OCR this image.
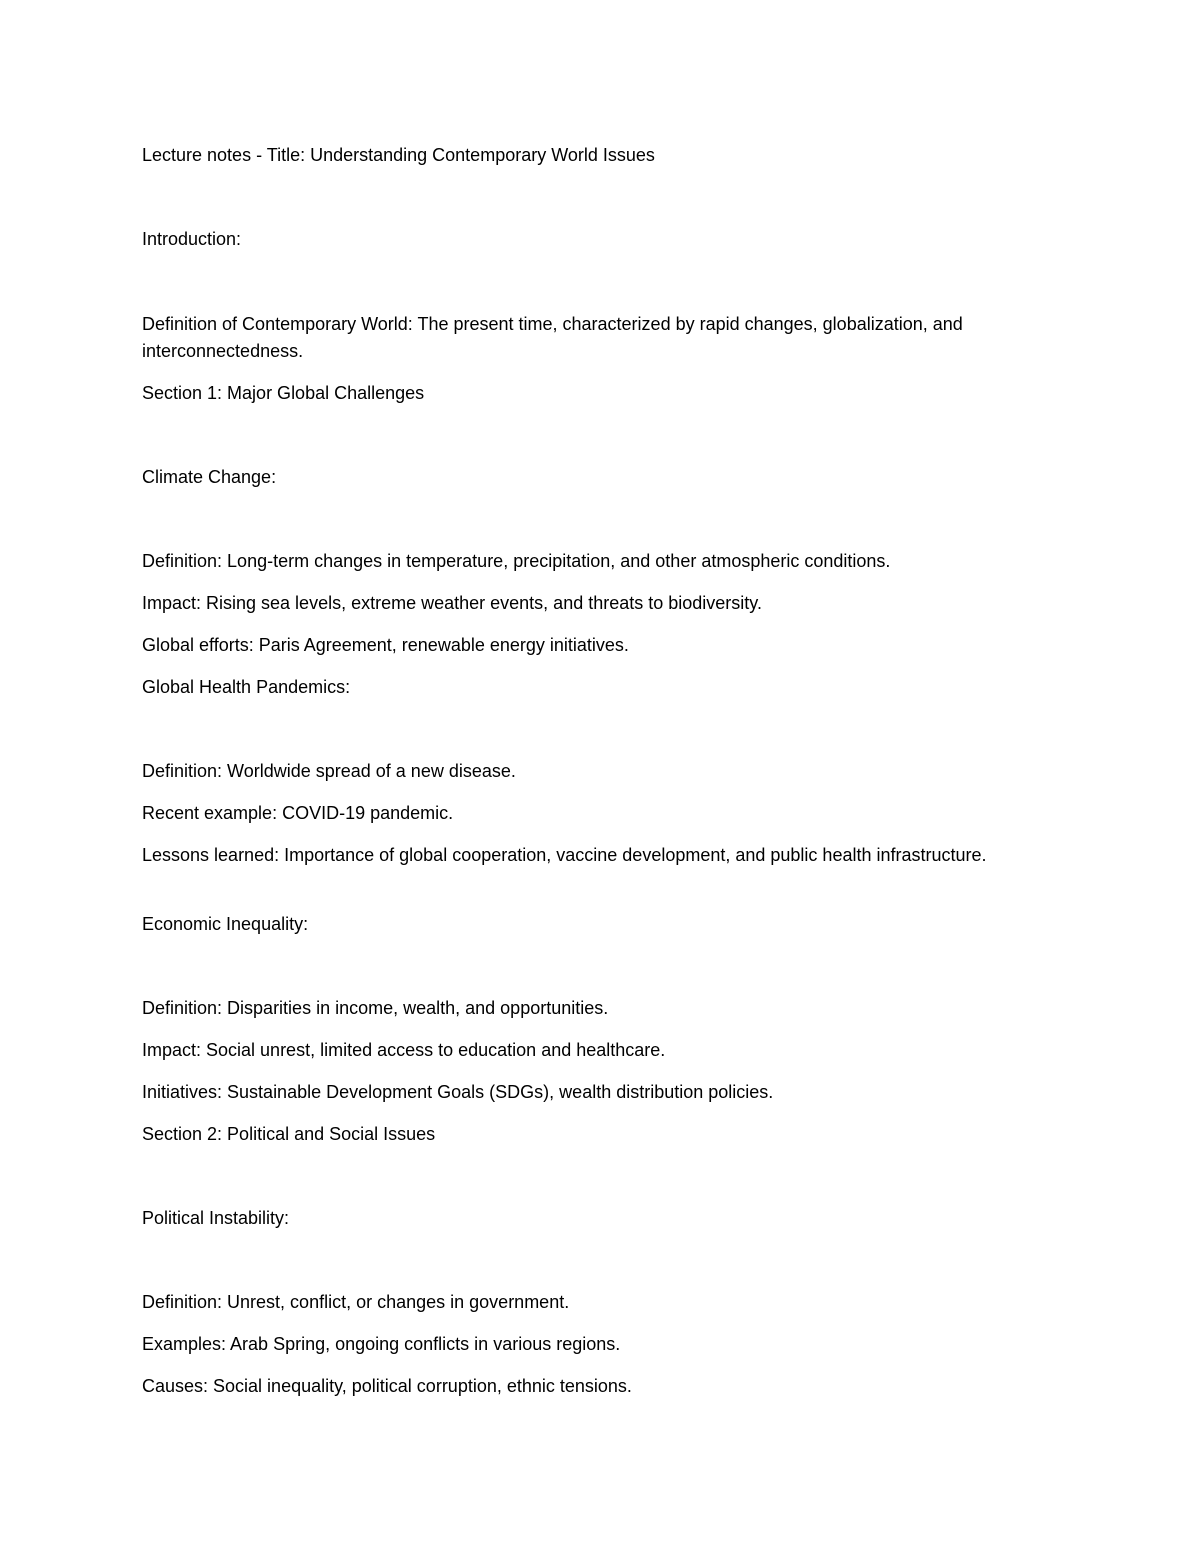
Lecture notes - Title: Understanding Contemporary World Issues
Introduction:
Definition of Contemporary World: The present time, characterized by rapid changes, globalization, and interconnectedness.
Section 1: Major Global Challenges
Climate Change:
Definition: Long-term changes in temperature, precipitation, and other atmospheric conditions.
Impact: Rising sea levels, extreme weather events, and threats to biodiversity.
Global efforts: Paris Agreement, renewable energy initiatives.
Global Health Pandemics:
Definition: Worldwide spread of a new disease.
Recent example: COVID-19 pandemic.
Lessons learned: Importance of global cooperation, vaccine development, and public health infrastructure.
Economic Inequality:
Definition: Disparities in income, wealth, and opportunities.
Impact: Social unrest, limited access to education and healthcare.
Initiatives: Sustainable Development Goals (SDGs), wealth distribution policies.
Section 2: Political and Social Issues
Political Instability:
Definition: Unrest, conflict, or changes in government.
Examples: Arab Spring, ongoing conflicts in various regions.
Causes: Social inequality, political corruption, ethnic tensions.
